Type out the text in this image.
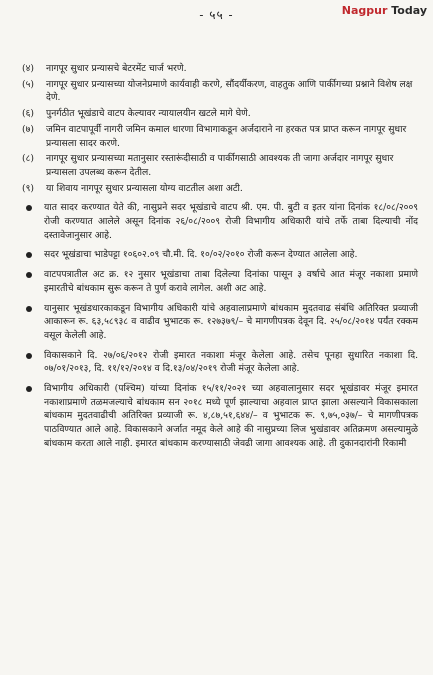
- ५५ -	Nagpur Today
(४)	नागपूर सुधार प्रन्यासचे बेटरमेंट चार्ज भरणे.
(५)	नागपूर सुधार प्रन्यासच्या योजनेप्रमाणे कार्यवाही करणे, सौंदर्यीकरण, वाहतुक आणि पार्कीगच्या प्रश्नाने विशेष लक्ष देणे.
(६)	पुनर्गठीत भूखंडाचे वाटप केल्यावर न्यायालयीन खटले मागे घेणे.
(७)	जमिन वाटपापूर्वी नागरी जमिन कमाल धारणा विभागाकडून अर्जदाराने ना हरकत पत्र प्राप्त करून नागपूर सुधार प्रन्यासला सादर करणे.
(८)	नागपूर सुधार प्रन्यासच्या मतानुसार रस्तारूंदीसाठी व पार्कीगसाठी आवश्यक ती जागा अर्जदार नागपूर सुधार प्रन्यासला उपलब्ध करून देतील.
(९)	या शिवाय नागपूर सुधार प्रन्यासला योग्य वाटतील अशा अटी.
यात सादर करण्यात येते की, नासुप्रने सदर भूखंडाचे वाटप श्री. एम. पी. बुटी व इतर यांना दिनांक १८/०८/२००९ रोजी करण्यात आलेले असून दिनांक २६/०८/२००९ रोजी विभागीय अधिकारी यांचे तर्फे ताबा दिल्याची नोंद दस्तावेजानुसार आहे.
सदर भूखंडाचा भाडेपट्टा १०६०२.०९ चौ.मी. दि. १०/०२/२०१० रोजी करून देण्यात आलेला आहे.
वाटपपत्रातील अट क्र. १२ नुसार भूखंडाचा ताबा दिलेल्या दिनांका पासून ३ वर्षाचे आत मंजूर नकाशा प्रमाणे इमारतीचे बांधकाम सुरू करून ते पुर्ण करावे लागेल. अशी अट आहे.
यानुसार भूखंडधारकाकडून विभागीय अधिकारी यांचे अहवालाप्रमाणे बांधकाम मुदतवाढ संबंधि अतिरिक्त प्रव्याजी आकारून रू. ६३,५८९३८ व वाढीव भुभाटक रू. १२७३७९/– चे मागणीपत्रक देवून दि. २५/०८/२०१४ पर्यंत रक्कम वसूल केलेली आहे.
विकासकाने दि. २७/०६/२०१२ रोजी इमारत नकाशा मंजूर केलेला आहे. तसेच पूनहा सुधारित नकाशा दि. ०७/०१/२०१३, दि. ११/१२/२०१४ व दि.१३/०४/२०१९ रोजी मंजूर केलेला आहे.
विभागीय अधिकारी (पश्चिम) यांच्या दिनांक १५/११/२०२१ च्या अहवालानुसार सदर भूखंडावर मंजूर इमारत नकाशाप्रमाणे तळमजल्याचे बांधकाम सन २०१८ मध्ये पूर्ण झाल्याचा अहवाल प्राप्त झाला असल्याने विकासकाला बांधकाम मुदतवाढीची अतिरिक्त प्रव्याजी रू. ४,८७,५१,६४४/– व भुभाटक रू. ९,७५,०३७/– चे मागणीपत्रक पाठविण्यात आले आहे. विकासकाने अर्जात नमूद केले आहे की नासुप्रच्या लिज भुखंडावर अतिक्रमण असल्यामुळे बांधकाम करता आले नाही. इमारत बांधकाम करण्यासाठी जेवढी जागा आवश्यक आहे. ती दुकानदारांनी रिकामी
